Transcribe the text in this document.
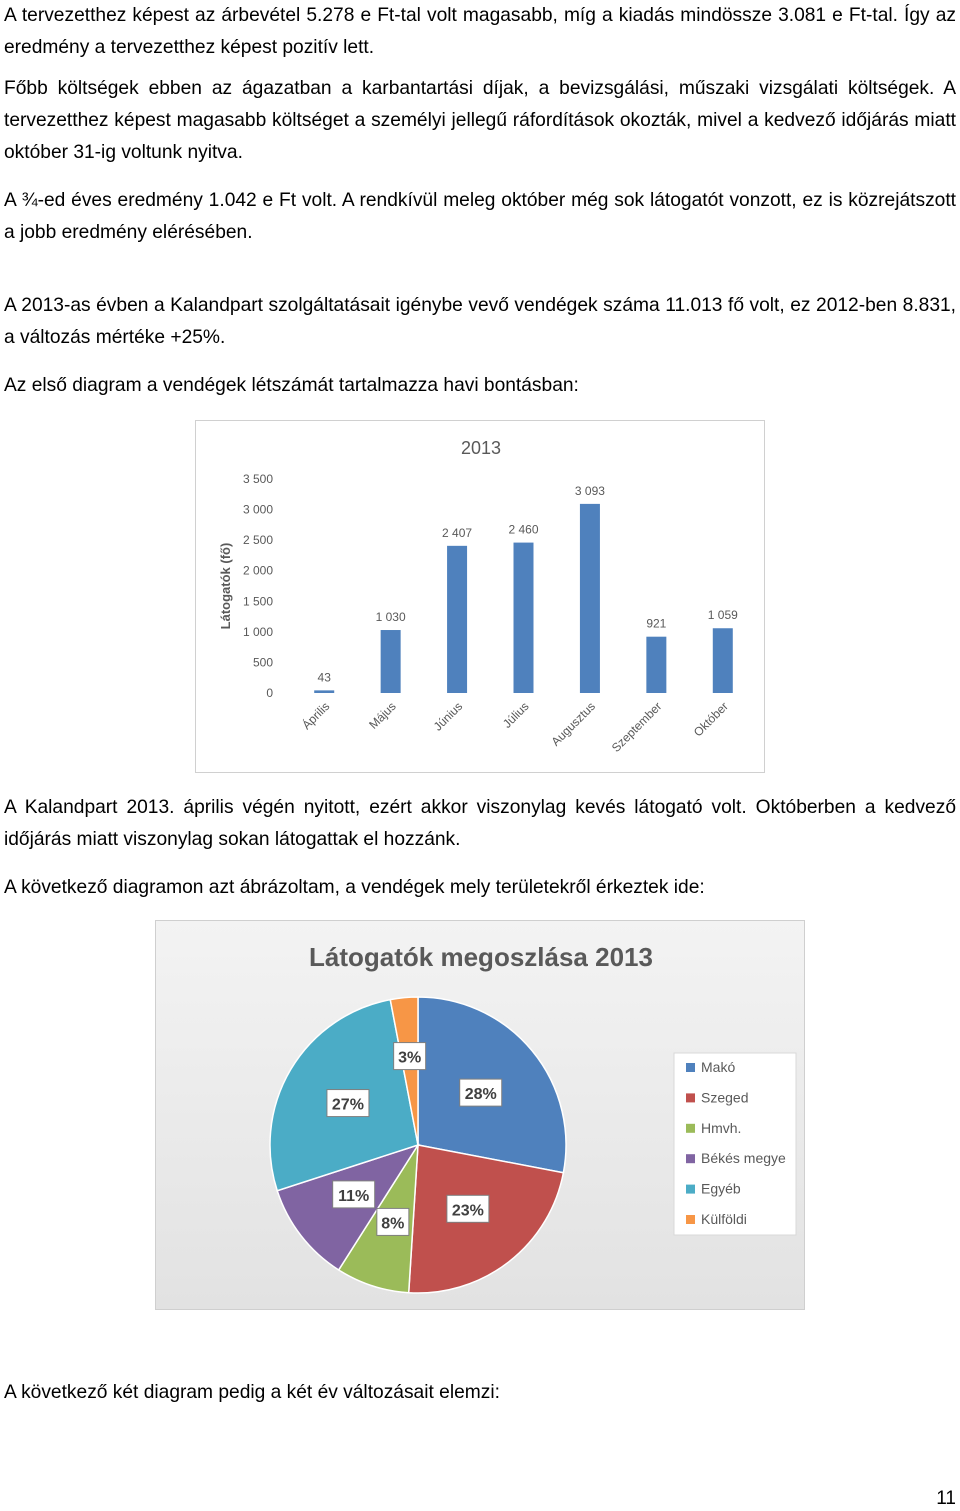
A tervezetthez képest az árbevétel 5.278 e Ft-tal volt magasabb, míg a kiadás mindössze 3.081 e Ft-tal. Így az eredmény a tervezetthez képest pozitív lett.

Főbb költségek ebben az ágazatban a karbantartási díjak, a bevizsgálási, műszaki vizsgálati költségek. A tervezetthez képest magasabb költséget a személyi jellegű ráfordítások okozták, mivel a kedvező időjárás miatt október 31-ig voltunk nyitva.

A ¾-ed éves eredmény 1.042 e Ft volt. A rendkívül meleg október még sok látogatót vonzott, ez is közrejátszott a jobb eredmény elérésében.

A 2013-as évben a Kalandpart szolgáltatásait igénybe vevő vendégek száma 11.013 fő volt, ez 2012-ben 8.831, a változás mértéke +25%.

Az első diagram a vendégek létszámát tartalmazza havi bontásban:

2013
0
500
1 000
1 500
2 000
2 500
3 000
3 500
Látogatók (fő)
43
Április
1 030
Május
2 407
Június
2 460
Július
3 093
Augusztus
921
Szeptember
1 059
Október

A Kalandpart 2013. április végén nyitott, ezért akkor viszonylag kevés látogató volt. Októberben a kedvező időjárás miatt viszonylag sokan látogattak el hozzánk.

A következő diagramon azt ábrázoltam, a vendégek mely területekről érkeztek ide:

Látogatók megoszlása 2013
28%
23%
8%
11%
27%
3%
Makó
Szeged
Hmvh.
Békés megye
Egyéb
Külföldi

A következő két diagram pedig a két év változásait elemzi:

11
